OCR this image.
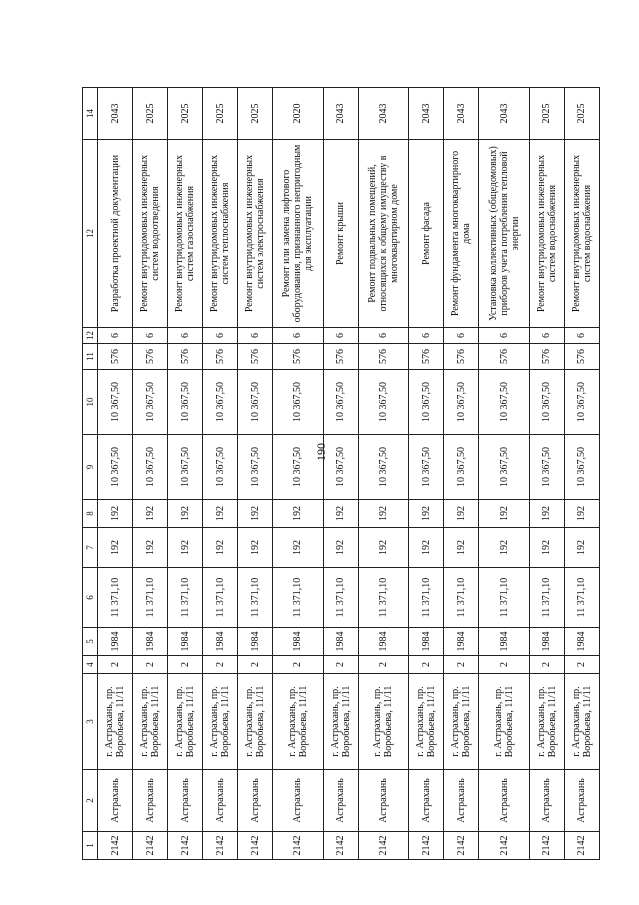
190
1	2	3	4	5	6	7	8	9	10	11	12	12	14
2142	Астрахань	г. Астрахань, пр. Воробьева, 11/11	2	1984	11 371,10	192	192	10 367,50	10 367,50	576	6	Разработка проектной документации	2043
2142	Астрахань	г. Астрахань, пр. Воробьева, 11/11	2	1984	11 371,10	192	192	10 367,50	10 367,50	576	6	Ремонт внутридомовых инженерных систем водоотведения	2025
2142	Астрахань	г. Астрахань, пр. Воробьева, 11/11	2	1984	11 371,10	192	192	10 367,50	10 367,50	576	6	Ремонт внутридомовых инженерных систем газоснабжения	2025
2142	Астрахань	г. Астрахань, пр. Воробьева, 11/11	2	1984	11 371,10	192	192	10 367,50	10 367,50	576	6	Ремонт внутридомовых инженерных систем теплоснабжения	2025
2142	Астрахань	г. Астрахань, пр. Воробьева, 11/11	2	1984	11 371,10	192	192	10 367,50	10 367,50	576	6	Ремонт внутридомовых инженерных систем электроснабжения	2025
2142	Астрахань	г. Астрахань, пр. Воробьева, 11/11	2	1984	11 371,10	192	192	10 367,50	10 367,50	576	6	Ремонт или замена лифтового оборудования, признанного непригодным для эксплуатации	2020
2142	Астрахань	г. Астрахань, пр. Воробьева, 11/11	2	1984	11 371,10	192	192	10 367,50	10 367,50	576	6	Ремонт крыши	2043
2142	Астрахань	г. Астрахань, пр. Воробьева, 11/11	2	1984	11 371,10	192	192	10 367,50	10 367,50	576	6	Ремонт подвальных помещений, относящихся к общему имуществу в многоквартирном доме	2043
2142	Астрахань	г. Астрахань, пр. Воробьева, 11/11	2	1984	11 371,10	192	192	10 367,50	10 367,50	576	6	Ремонт фасада	2043
2142	Астрахань	г. Астрахань, пр. Воробьева, 11/11	2	1984	11 371,10	192	192	10 367,50	10 367,50	576	6	Ремонт фундамента многоквартирного дома	2043
2142	Астрахань	г. Астрахань, пр. Воробьева, 11/11	2	1984	11 371,10	192	192	10 367,50	10 367,50	576	6	Установка коллективных (общедомовых) приборов учета потребления тепловой энергии	2043
2142	Астрахань	г. Астрахань, пр. Воробьева, 11/11	2	1984	11 371,10	192	192	10 367,50	10 367,50	576	6	Ремонт внутридомовых инженерных систем водоснабжения	2025
2142	Астрахань	г. Астрахань, пр. Воробьева, 11/11	2	1984	11 371,10	192	192	10 367,50	10 367,50	576	6	Ремонт внутридомовых инженерных систем водоснабжения	2025
